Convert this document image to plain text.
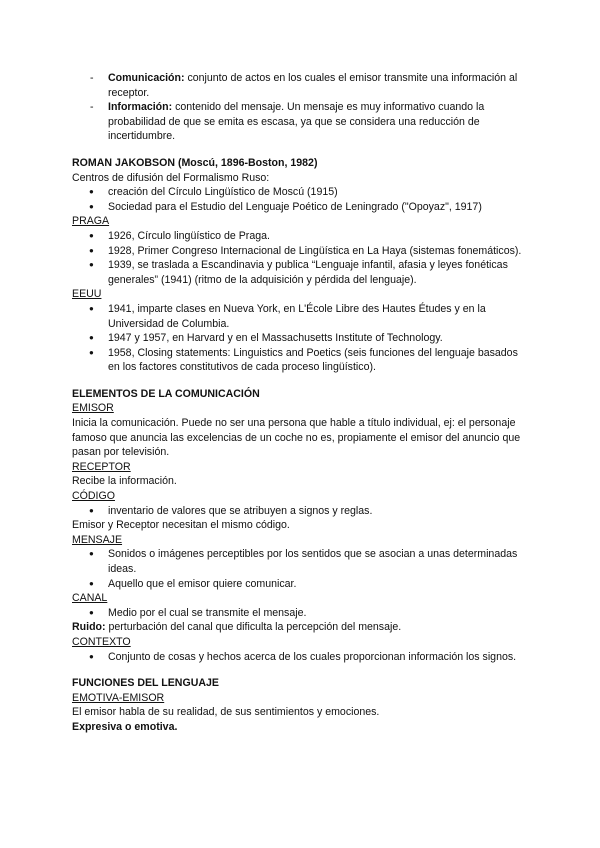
- Comunicación: conjunto de actos en los cuales el emisor transmite una información al receptor.
- Información: contenido del mensaje. Un mensaje es muy informativo cuando la probabilidad de que se emita es escasa, ya que se considera una reducción de incertidumbre.
ROMAN JAKOBSON (Moscú, 1896-Boston, 1982)
Centros de difusión del Formalismo Ruso:
● creación del Círculo Lingüístico de Moscú (1915)
● Sociedad para el Estudio del Lenguaje Poético de Leningrado ("Opoyaz", 1917)
PRAGA
● 1926, Círculo lingüístico de Praga.
● 1928, Primer Congreso Internacional de Lingüística en La Haya (sistemas fonemáticos).
● 1939, se traslada a Escandinavia y publica “Lenguaje infantil, afasia y leyes fonéticas generales” (1941) (ritmo de la adquisición y pérdida del lenguaje).
EEUU
● 1941, imparte clases en Nueva York, en L'École Libre des Hautes Études y en la Universidad de Columbia.
● 1947 y 1957, en Harvard y en el Massachusetts Institute of Technology.
● 1958, Closing statements: Linguistics and Poetics (seis funciones del lenguaje basados en los factores constitutivos de cada proceso lingüístico).
ELEMENTOS DE LA COMUNICACIÓN
EMISOR
Inicia la comunicación. Puede no ser una persona que hable a título individual, ej: el personaje famoso que anuncia las excelencias de un coche no es, propiamente el emisor del anuncio que pasan por televisión.
RECEPTOR
Recibe la información.
CÓDIGO
● inventario de valores que se atribuyen a signos y reglas.
Emisor y Receptor necesitan el mismo código.
MENSAJE
● Sonidos o imágenes perceptibles por los sentidos que se asocian a unas determinadas ideas.
● Aquello que el emisor quiere comunicar.
CANAL
● Medio por el cual se transmite el mensaje.
Ruido: perturbación del canal que dificulta la percepción del mensaje.
CONTEXTO
● Conjunto de cosas y hechos acerca de los cuales proporcionan información los signos.
FUNCIONES DEL LENGUAJE
EMOTIVA-EMISOR
El emisor habla de su realidad, de sus sentimientos y emociones.
Expresiva o emotiva.
